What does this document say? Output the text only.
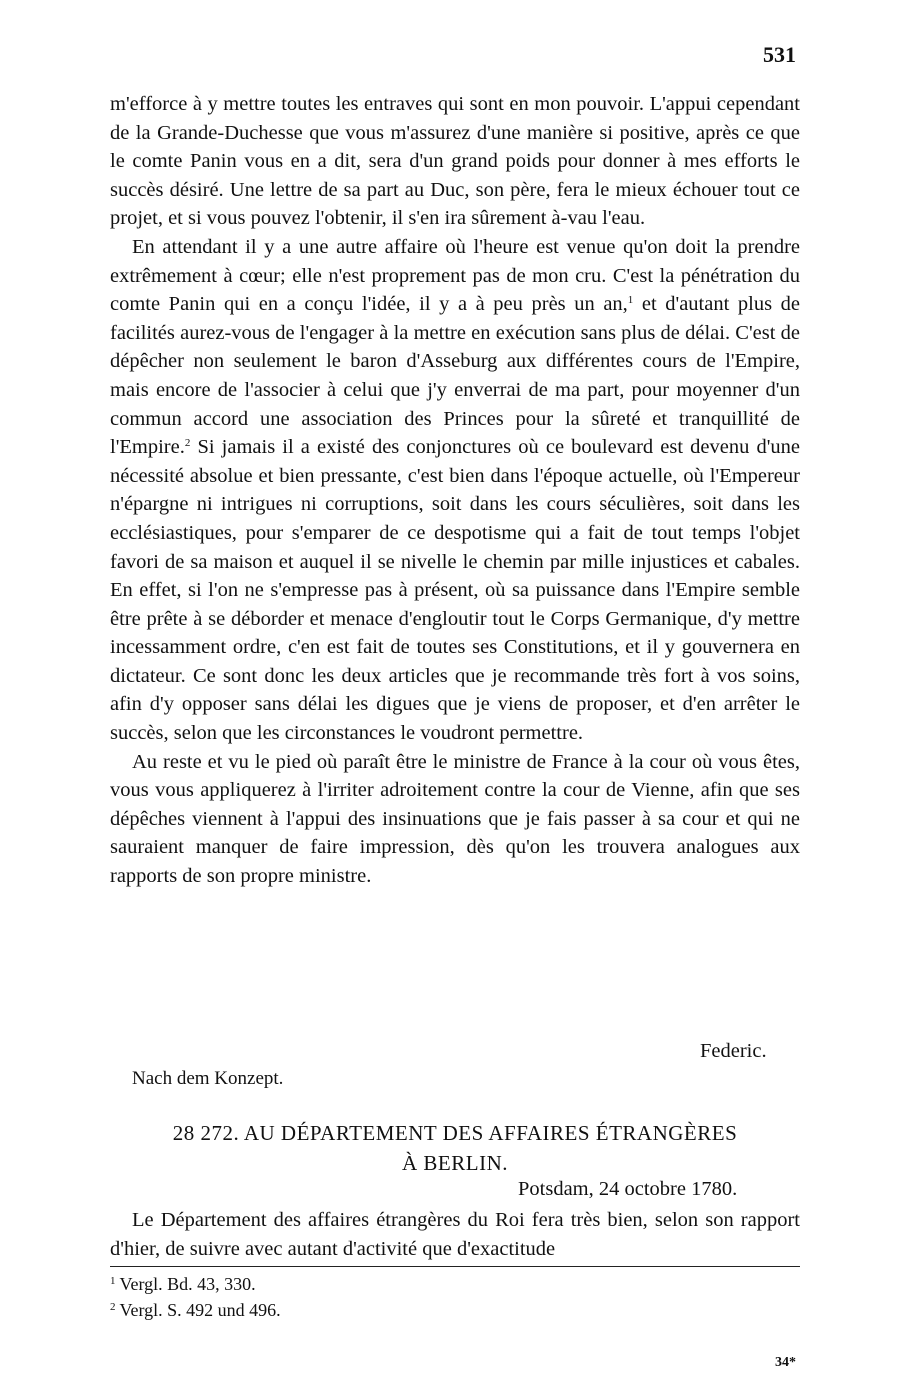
531

m'efforce à y mettre toutes les entraves qui sont en mon pouvoir. L'appui cependant de la Grande-Duchesse que vous m'assurez d'une manière si positive, après ce que le comte Panin vous en a dit, sera d'un grand poids pour donner à mes efforts le succès désiré. Une lettre de sa part au Duc, son père, fera le mieux échouer tout ce projet, et si vous pouvez l'obtenir, il s'en ira sûrement à-vau l'eau.

En attendant il y a une autre affaire où l'heure est venue qu'on doit la prendre extrêmement à cœur; elle n'est proprement pas de mon cru. C'est la pénétration du comte Panin qui en a conçu l'idée, il y a à peu près un an,$^1$ et d'autant plus de facilités aurez-vous de l'engager à la mettre en exécution sans plus de délai. C'est de dépêcher non seulement le baron d'Asseburg aux différentes cours de l'Empire, mais encore de l'associer à celui que j'y enverrai de ma part, pour moyenner d'un commun accord une association des Princes pour la sûreté et tranquillité de l'Empire.$^2$ Si jamais il a existé des conjonctures où ce boulevard est devenu d'une nécessité absolue et bien pressante, c'est bien dans l'époque actuelle, où l'Empereur n'épargne ni intrigues ni corruptions, soit dans les cours séculières, soit dans les ecclésiastiques, pour s'emparer de ce despotisme qui a fait de tout temps l'objet favori de sa maison et auquel il se nivelle le chemin par mille injustices et cabales. En effet, si l'on ne s'empresse pas à présent, où sa puissance dans l'Empire semble être prête à se déborder et menace d'engloutir tout le Corps Germanique, d'y mettre incessamment ordre, c'en est fait de toutes ses Constitutions, et il y gouvernera en dictateur. Ce sont donc les deux articles que je recommande très fort à vos soins, afin d'y opposer sans délai les digues que je viens de proposer, et d'en arrêter le succès, selon que les circonstances le voudront permettre.

Au reste et vu le pied où paraît être le ministre de France à la cour où vous êtes, vous vous appliquerez à l'irriter adroitement contre la cour de Vienne, afin que ses dépêches viennent à l'appui des insinuations que je fais passer à sa cour et qui ne sauraient manquer de faire impression, dès qu'on les trouvera analogues aux rapports de son propre ministre.

Federic.
Nach dem Konzept.
28 272. AU DÉPARTEMENT DES AFFAIRES ÉTRANGÈRES
À BERLIN.
Potsdam, 24 octobre 1780.

Le Département des affaires étrangères du Roi fera très bien, selon son rapport d'hier, de suivre avec autant d'activité que d'exactitude

$^1$ Vergl. Bd. 43, 330.
$^2$ Vergl. S. 492 und 496.
34*
